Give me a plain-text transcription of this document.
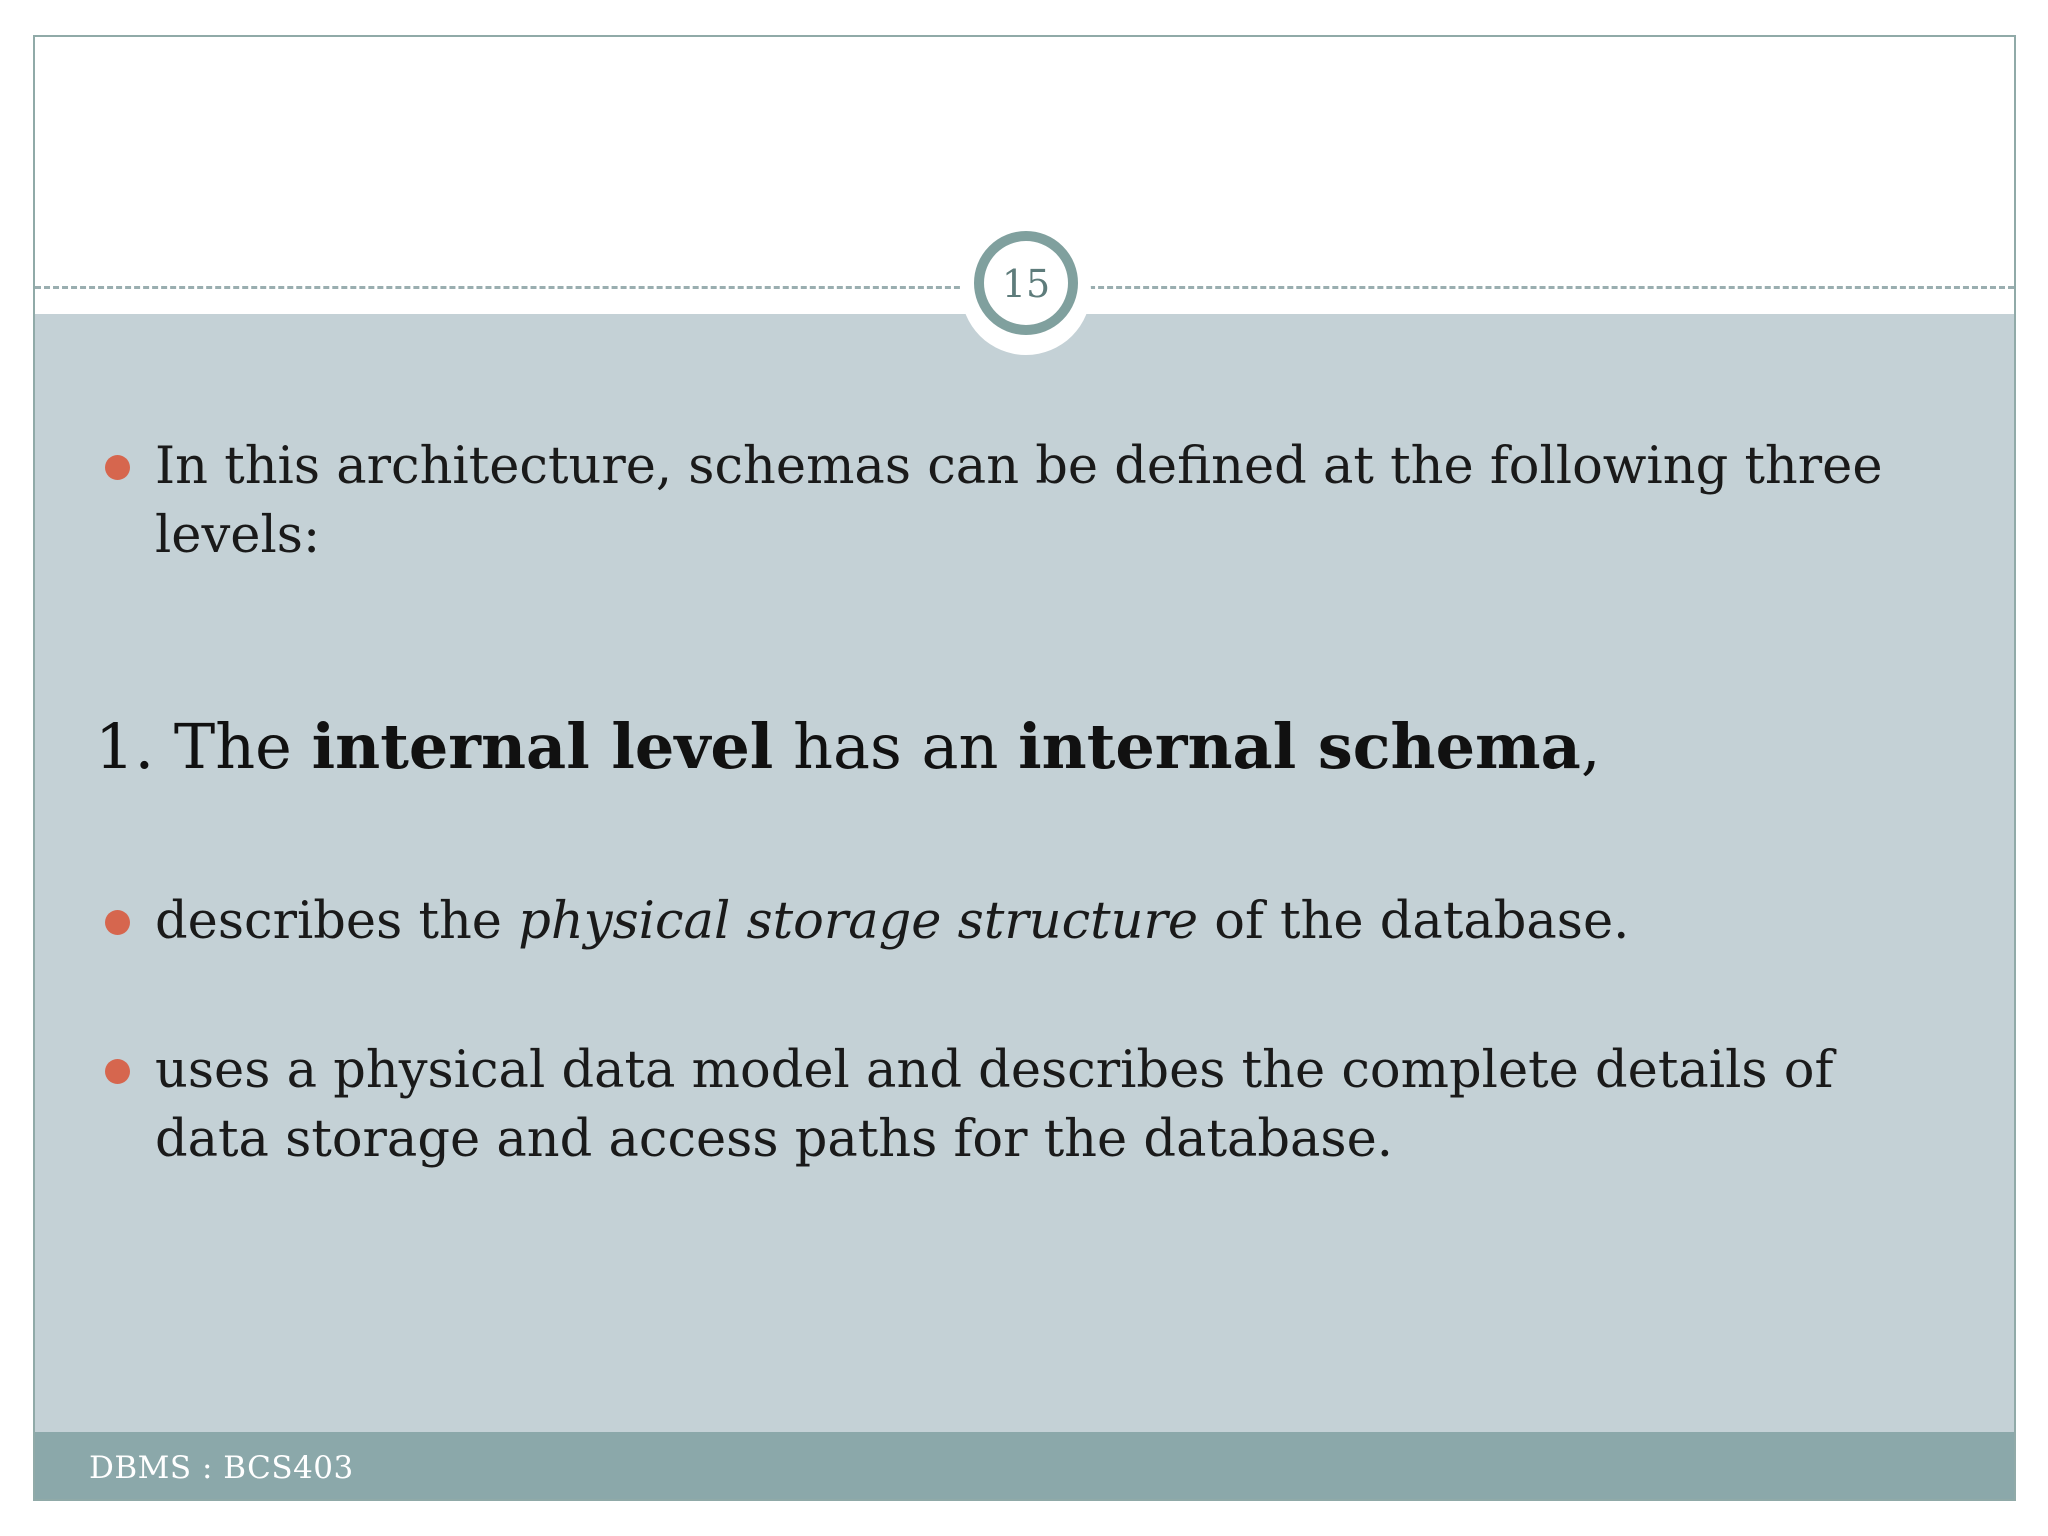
In this architecture, schemas can be defined at the following three levels:
1. The internal level has an internal schema,
describes the physical storage structure of the database.
uses a physical data model and describes the complete details of data storage and access paths for the database.
DBMS : BCS403
15
